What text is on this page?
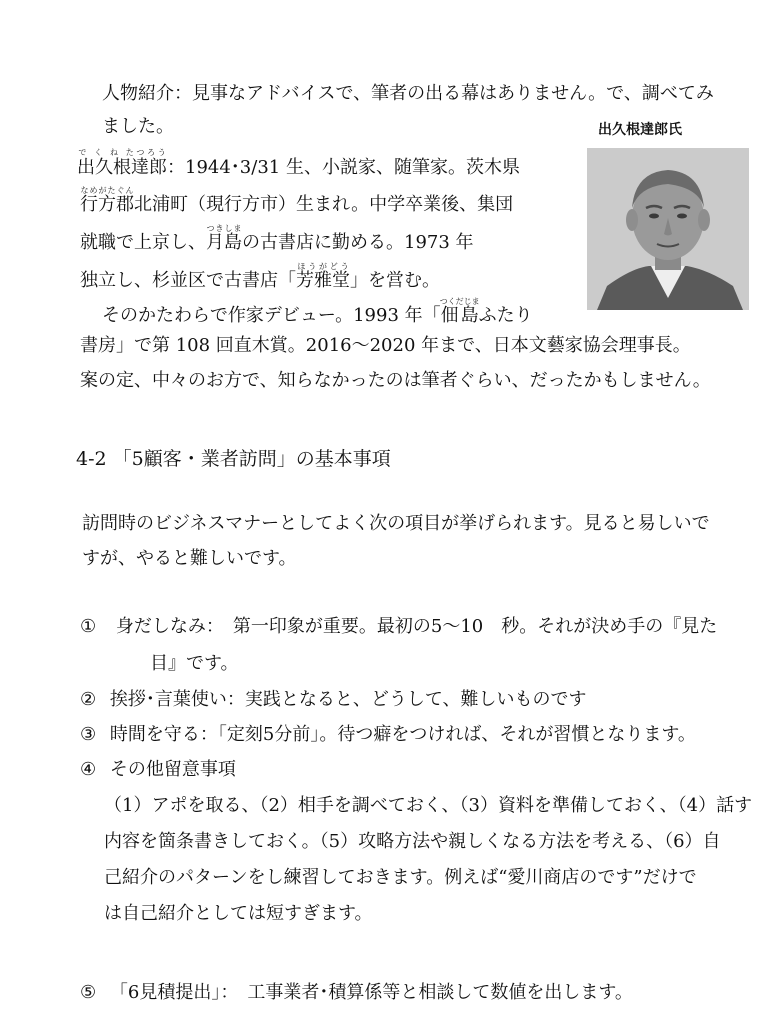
人物紹介：見事なアドバイスで、筆者の出る幕はありません。で、調べてみ
ました。	出久根達郎氏
出久根達郎で く ね たつろう：1944･3/31 生、小説家、随筆家。茨木県
行方郡なめがたぐん北浦町（現行方市）生まれ。中学卒業後、集団
就職で上京し、月島つきしまの古書店に勤める。1973 年
独立し、杉並区で古書店「芳雅堂ほうがどう」を営む。
そのかたわらで作家デビュー。1993 年「佃島つくだじまふたり
書房」で第 108 回直木賞。2016～2020 年まで、日本文藝家協会理事長。
案の定、中々のお方で、知らなかったのは筆者ぐらい、だったかもしません。
4-2 「5顧客・業者訪問」の基本事項
訪問時のビジネスマナーとしてよく次の項目が挙げられます。見ると易しいで
すが、やると難しいです。
① 身だしなみ：　第一印象が重要。最初の5～10　秒。それが決め手の『見た
目』です。
② 挨拶･言葉使い：実践となると、どうして、難しいものです
③ 時間を守る：「定刻5分前」。待つ癖をつければ、それが習慣となります。
④ その他留意事項
（1）アポを取る、（2）相手を調べておく、（3）資料を準備しておく、（4）話す
内容を箇条書きしておく。（5）攻略方法や親しくなる方法を考える、（6）自
己紹介のパターンをし練習しておきます。例えば“愛川商店のです”だけで
は自己紹介としては短すぎます。
⑤ 「6見積提出」：　工事業者･積算係等と相談して数値を出します。
